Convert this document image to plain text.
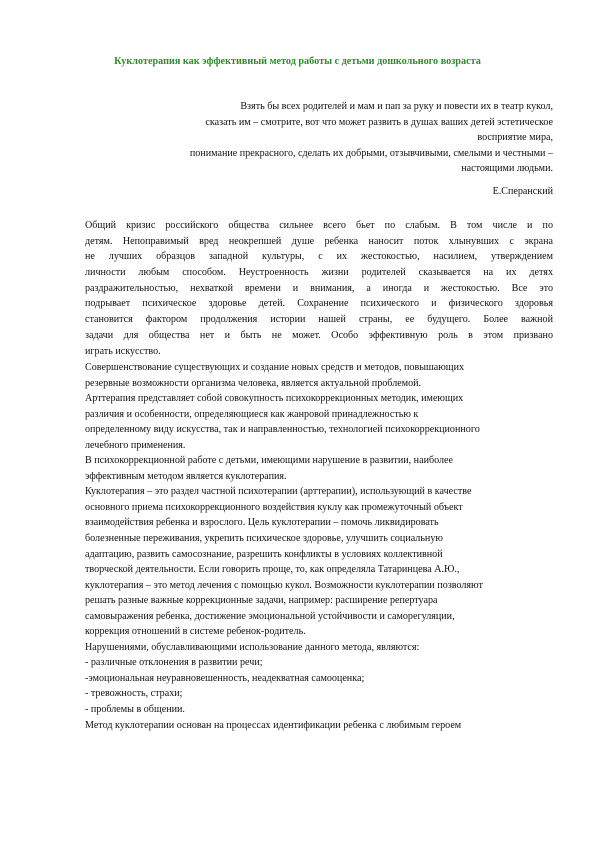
Куклотерапия как эффективный метод работы с детьми дошкольного возраста
Взять бы всех родителей и мам и пап за руку и повести их в театр кукол,
сказать им – смотрите, вот что может развить в душах ваших детей эстетическое
восприятие мира,
понимание прекрасного, сделать их добрыми, отзывчивыми, смелыми и честными –
настоящими людьми.
Е.Сперанский
Общий кризис российского общества сильнее всего бьет по слабым. В том числе и по
детям. Непоправимый вред неокрепшей душе ребенка наносит поток хлынувших с экрана
не лучших образцов западной культуры, с их жестокостью, насилием, утверждением
личности любым способом. Неустроенность жизни родителей сказывается на их детях
раздражительностью, нехваткой времени и внимания, а иногда и жестокостью. Все это
подрывает психическое здоровье детей. Сохранение психического и физического здоровья
становится фактором продолжения истории нашей страны, ее будущего. Более важной
задачи для общества нет и быть не может. Особо эффективную роль в этом призвано
играть искусство.
Совершенствование существующих и создание новых средств и методов, повышающих
резервные возможности организма человека, является актуальной проблемой.
Арттерапия представляет собой совокупность психокоррекционных методик, имеющих
различия и особенности, определяющиеся как жанровой принадлежностью к
определенному виду искусства, так и направленностью, технологией психокоррекционного
лечебного применения.
В психокоррекционной работе с детьми, имеющими нарушение в развитии, наиболее
эффективным методом является куклотерапия.
Куклотерапия – это раздел частной психотерапии (арттерапии), использующий в качестве
основного приема психокоррекционного воздействия куклу как промежуточный объект
взаимодействия ребенка и взрослого. Цель куклотерапии – помочь ликвидировать
болезненные переживания, укрепить психическое здоровье, улучшить социальную
адаптацию, развить самосознание, разрешить конфликты в условиях коллективной
творческой деятельности. Если говорить проще, то, как определяла Татаринцева А.Ю.,
куклотерапия – это метод лечения с помощью кукол. Возможности куклотерапии позволяют
решать разные важные коррекционные задачи, например: расширение репертуара
самовыражения ребенка, достижение эмоциональной устойчивости и саморегуляции,
коррекция отношений в системе ребенок-родитель.
Нарушениями, обуславливающими использование данного метода, являются:
- различные отклонения в развитии речи;
-эмоциональная неуравновешенность, неадекватная самооценка;
- тревожность, страхи;
- проблемы в общении.
Метод куклотерапии основан на процессах идентификации ребенка с любимым героем
